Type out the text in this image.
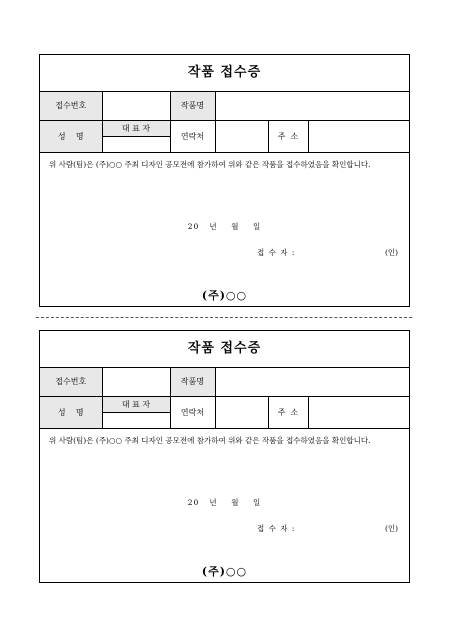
작품 접수증
접수번호		작품명			
성    명	대 표 자	연락처		주  소	

위 사람(팀)은 (주)○○ 주최 디자인 공모전에 참가하여 위와 같은 작품을 접수하였음을 확인합니다.
20   년    월    일
접 수 자 :	(인)
(주)○○
작품 접수증
접수번호		작품명			
성    명	대 표 자	연락처		주  소	

위 사람(팀)은 (주)○○ 주최 디자인 공모전에 참가하여 위와 같은 작품을 접수하였음을 확인합니다.
20   년    월    일
접 수 자 :	(인)
(주)○○
